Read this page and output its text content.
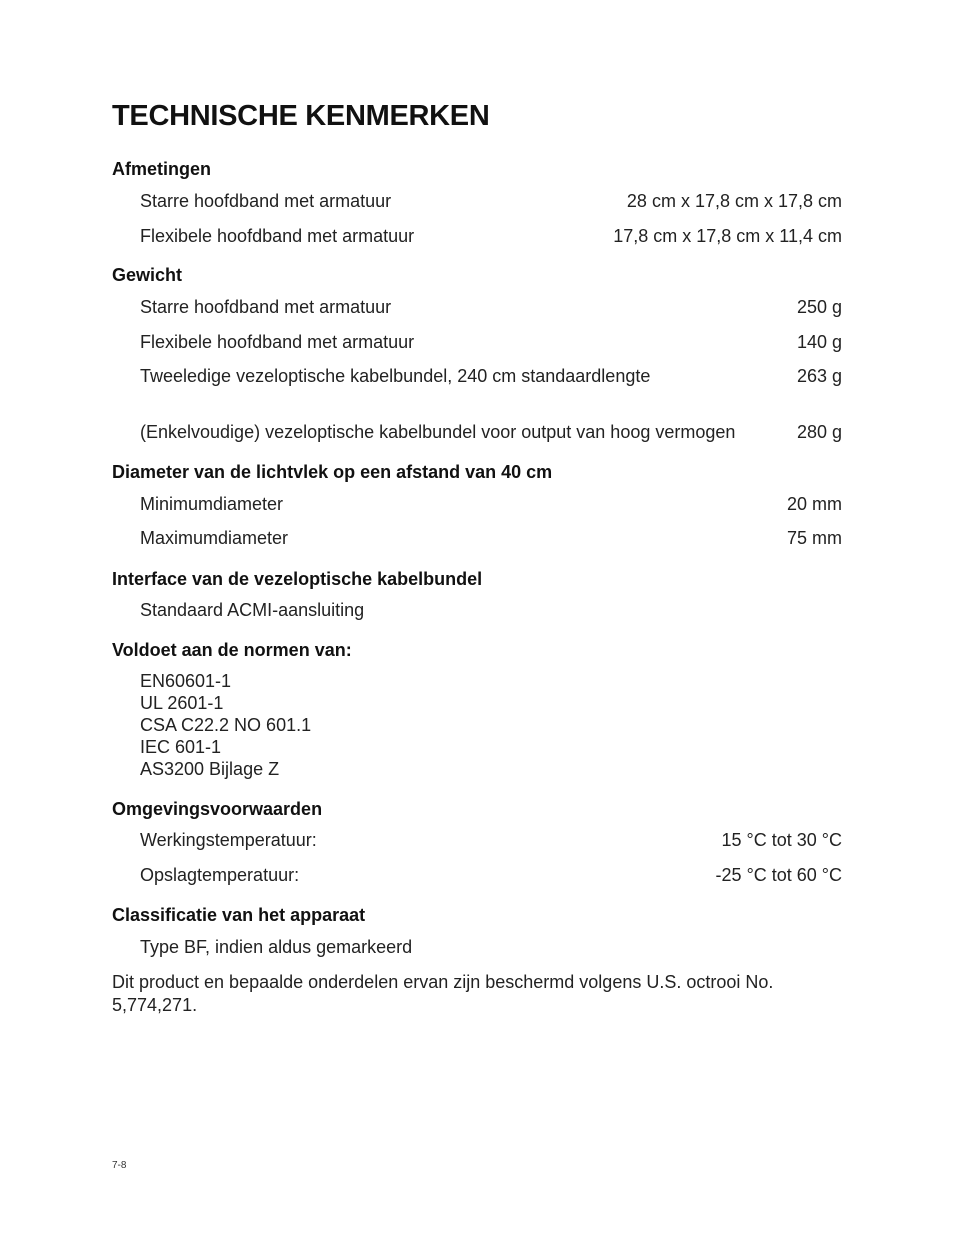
TECHNISCHE KENMERKEN
Afmetingen
Starre hoofdband met armatuur	28 cm x 17,8 cm x 17,8 cm
Flexibele hoofdband met armatuur	17,8 cm x 17,8 cm x 11,4 cm
Gewicht
Starre hoofdband met armatuur	250 g
Flexibele hoofdband met armatuur	140 g
Tweeledige vezeloptische kabelbundel, 240 cm standaardlengte	263 g
(Enkelvoudige) vezeloptische kabelbundel voor output van hoog vermogen	280 g
Diameter van de lichtvlek op een afstand van 40 cm
Minimumdiameter	20 mm
Maximumdiameter	75 mm
Interface van de vezeloptische kabelbundel
Standaard ACMI-aansluiting
Voldoet aan de normen van:
EN60601-1
UL 2601-1
CSA C22.2 NO 601.1
IEC 601-1
AS3200 Bijlage Z
Omgevingsvoorwaarden
Werkingstemperatuur:	15 °C tot 30 °C
Opslagtemperatuur:	-25 °C tot 60 °C
Classificatie van het apparaat
Type BF, indien aldus gemarkeerd
Dit product en bepaalde onderdelen ervan zijn beschermd volgens U.S. octrooi No.
5,774,271.
7-8
